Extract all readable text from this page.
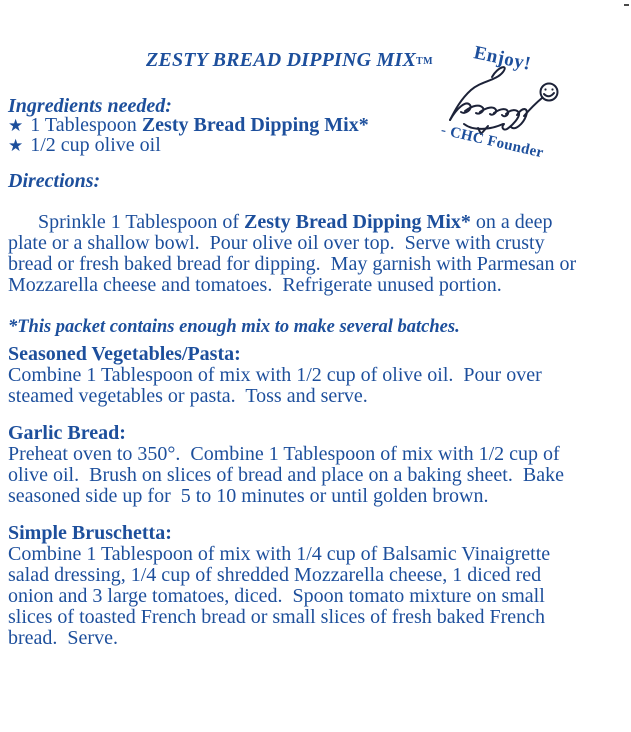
ZESTY BREAD DIPPING MIXTM Enjoy!
- CHC Founder
Ingredients needed:
★ 1 Tablespoon Zesty Bread Dipping Mix*
★ 1/2 cup olive oil
Directions:

Sprinkle 1 Tablespoon of Zesty Bread Dipping Mix* on a deep plate or a shallow bowl.  Pour olive oil over top.  Serve with crusty bread or fresh baked bread for dipping.  May garnish with Parmesan or Mozzarella cheese and tomatoes.  Refrigerate unused portion.

*This packet contains enough mix to make several batches.
Seasoned Vegetables/Pasta:
Combine 1 Tablespoon of mix with 1/2 cup of olive oil.  Pour over steamed vegetables or pasta.  Toss and serve.
Garlic Bread:
Preheat oven to 350°.  Combine 1 Tablespoon of mix with 1/2 cup of olive oil.  Brush on slices of bread and place on a baking sheet.  Bake seasoned side up for  5 to 10 minutes or until golden brown.
Simple Bruschetta:
Combine 1 Tablespoon of mix with 1/4 cup of Balsamic Vinaigrette salad dressing, 1/4 cup of shredded Mozzarella cheese, 1 diced red onion and 3 large tomatoes, diced.  Spoon tomato mixture on small slices of toasted French bread or small slices of fresh baked French bread.  Serve.
